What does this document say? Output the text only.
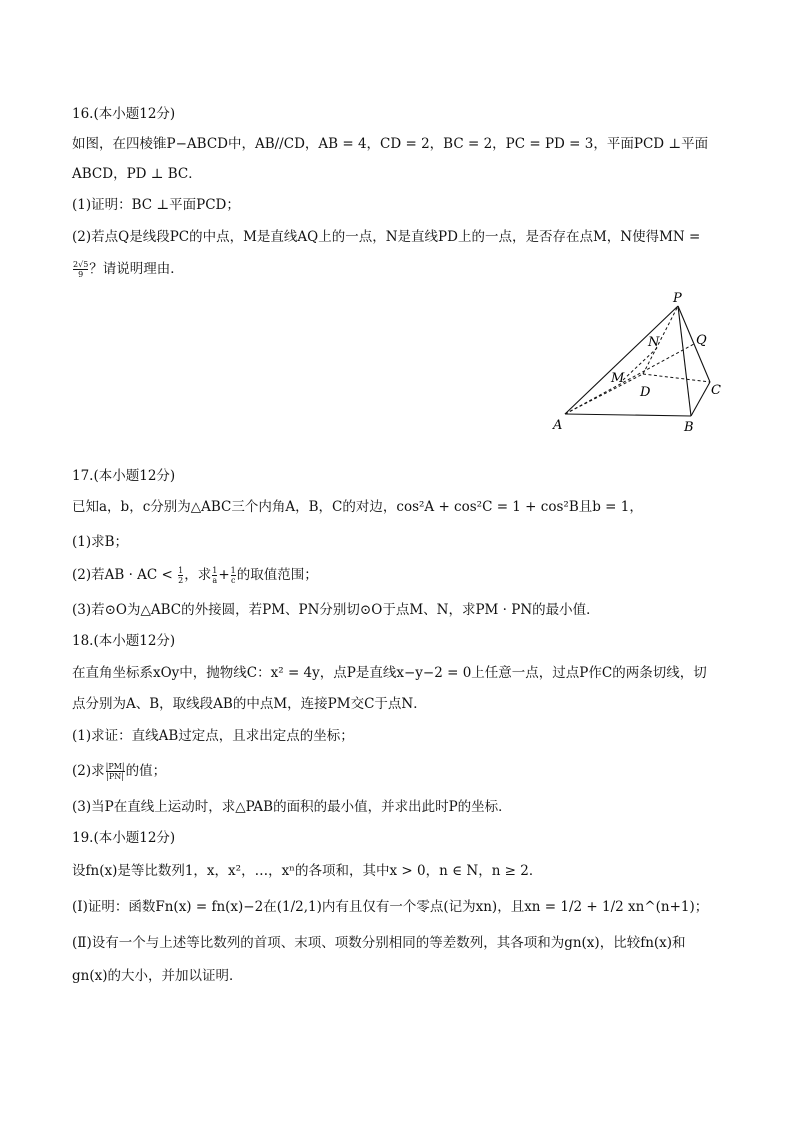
16.(本小题12分)
如图，在四棱锥P−ABCD中，AB//CD，AB = 4，CD = 2，BC = 2，PC = PD = 3，平面PCD ⊥平面
ABCD，PD ⊥ BC．
(1)证明：BC ⊥平面PCD；
(2)若点Q是线段PC的中点，M是直线AQ上的一点，N是直线PD上的一点，是否存在点M，N使得MN =
$\frac{2√5}{9}$ ？请说明理由．
P
N	Q
M
D	C
A	B
17.(本小题12分)
已知a，b，c分别为△ABC三个内角A，B，C的对边，cos²A + cos²C = 1 + cos²B且b = 1，
(1)求B；
(2)若AB · AC < $\frac{1}{2}$ ，求 $\frac{1}{a} + \frac{1}{c}$ 的取值范围；
(3)若⊙O为△ABC的外接圆，若PM、PN分别切⊙O于点M、N，求PM · PN的最小值．
18.(本小题12分)
在直角坐标系xOy中，抛物线C：x² = 4y，点P是直线x−y−2 = 0上任意一点，过点P作C的两条切线，切
点分别为A、B，取线段AB的中点M，连接PM交C于点N．
(1)求证：直线AB过定点，且求出定点的坐标；
(2)求 $\frac{|PM|}{|PN|}$ 的值；
(3)当P在直线上运动时，求△PAB的面积的最小值，并求出此时P的坐标．
19.(本小题12分)
设fn(x)是等比数列1，x，x²，…，xⁿ的各项和，其中x > 0，n ∈ N，n ≥ 2．
(Ⅰ)证明：函数Fn(x) = fn(x)−2在(1/2,1)内有且仅有一个零点(记为xn)，且xn = 1/2 + 1/2 xn^(n+1)；
(Ⅱ)设有一个与上述等比数列的首项、末项、项数分别相同的等差数列，其各项和为gn(x)，比较fn(x)和
gn(x)的大小，并加以证明．
